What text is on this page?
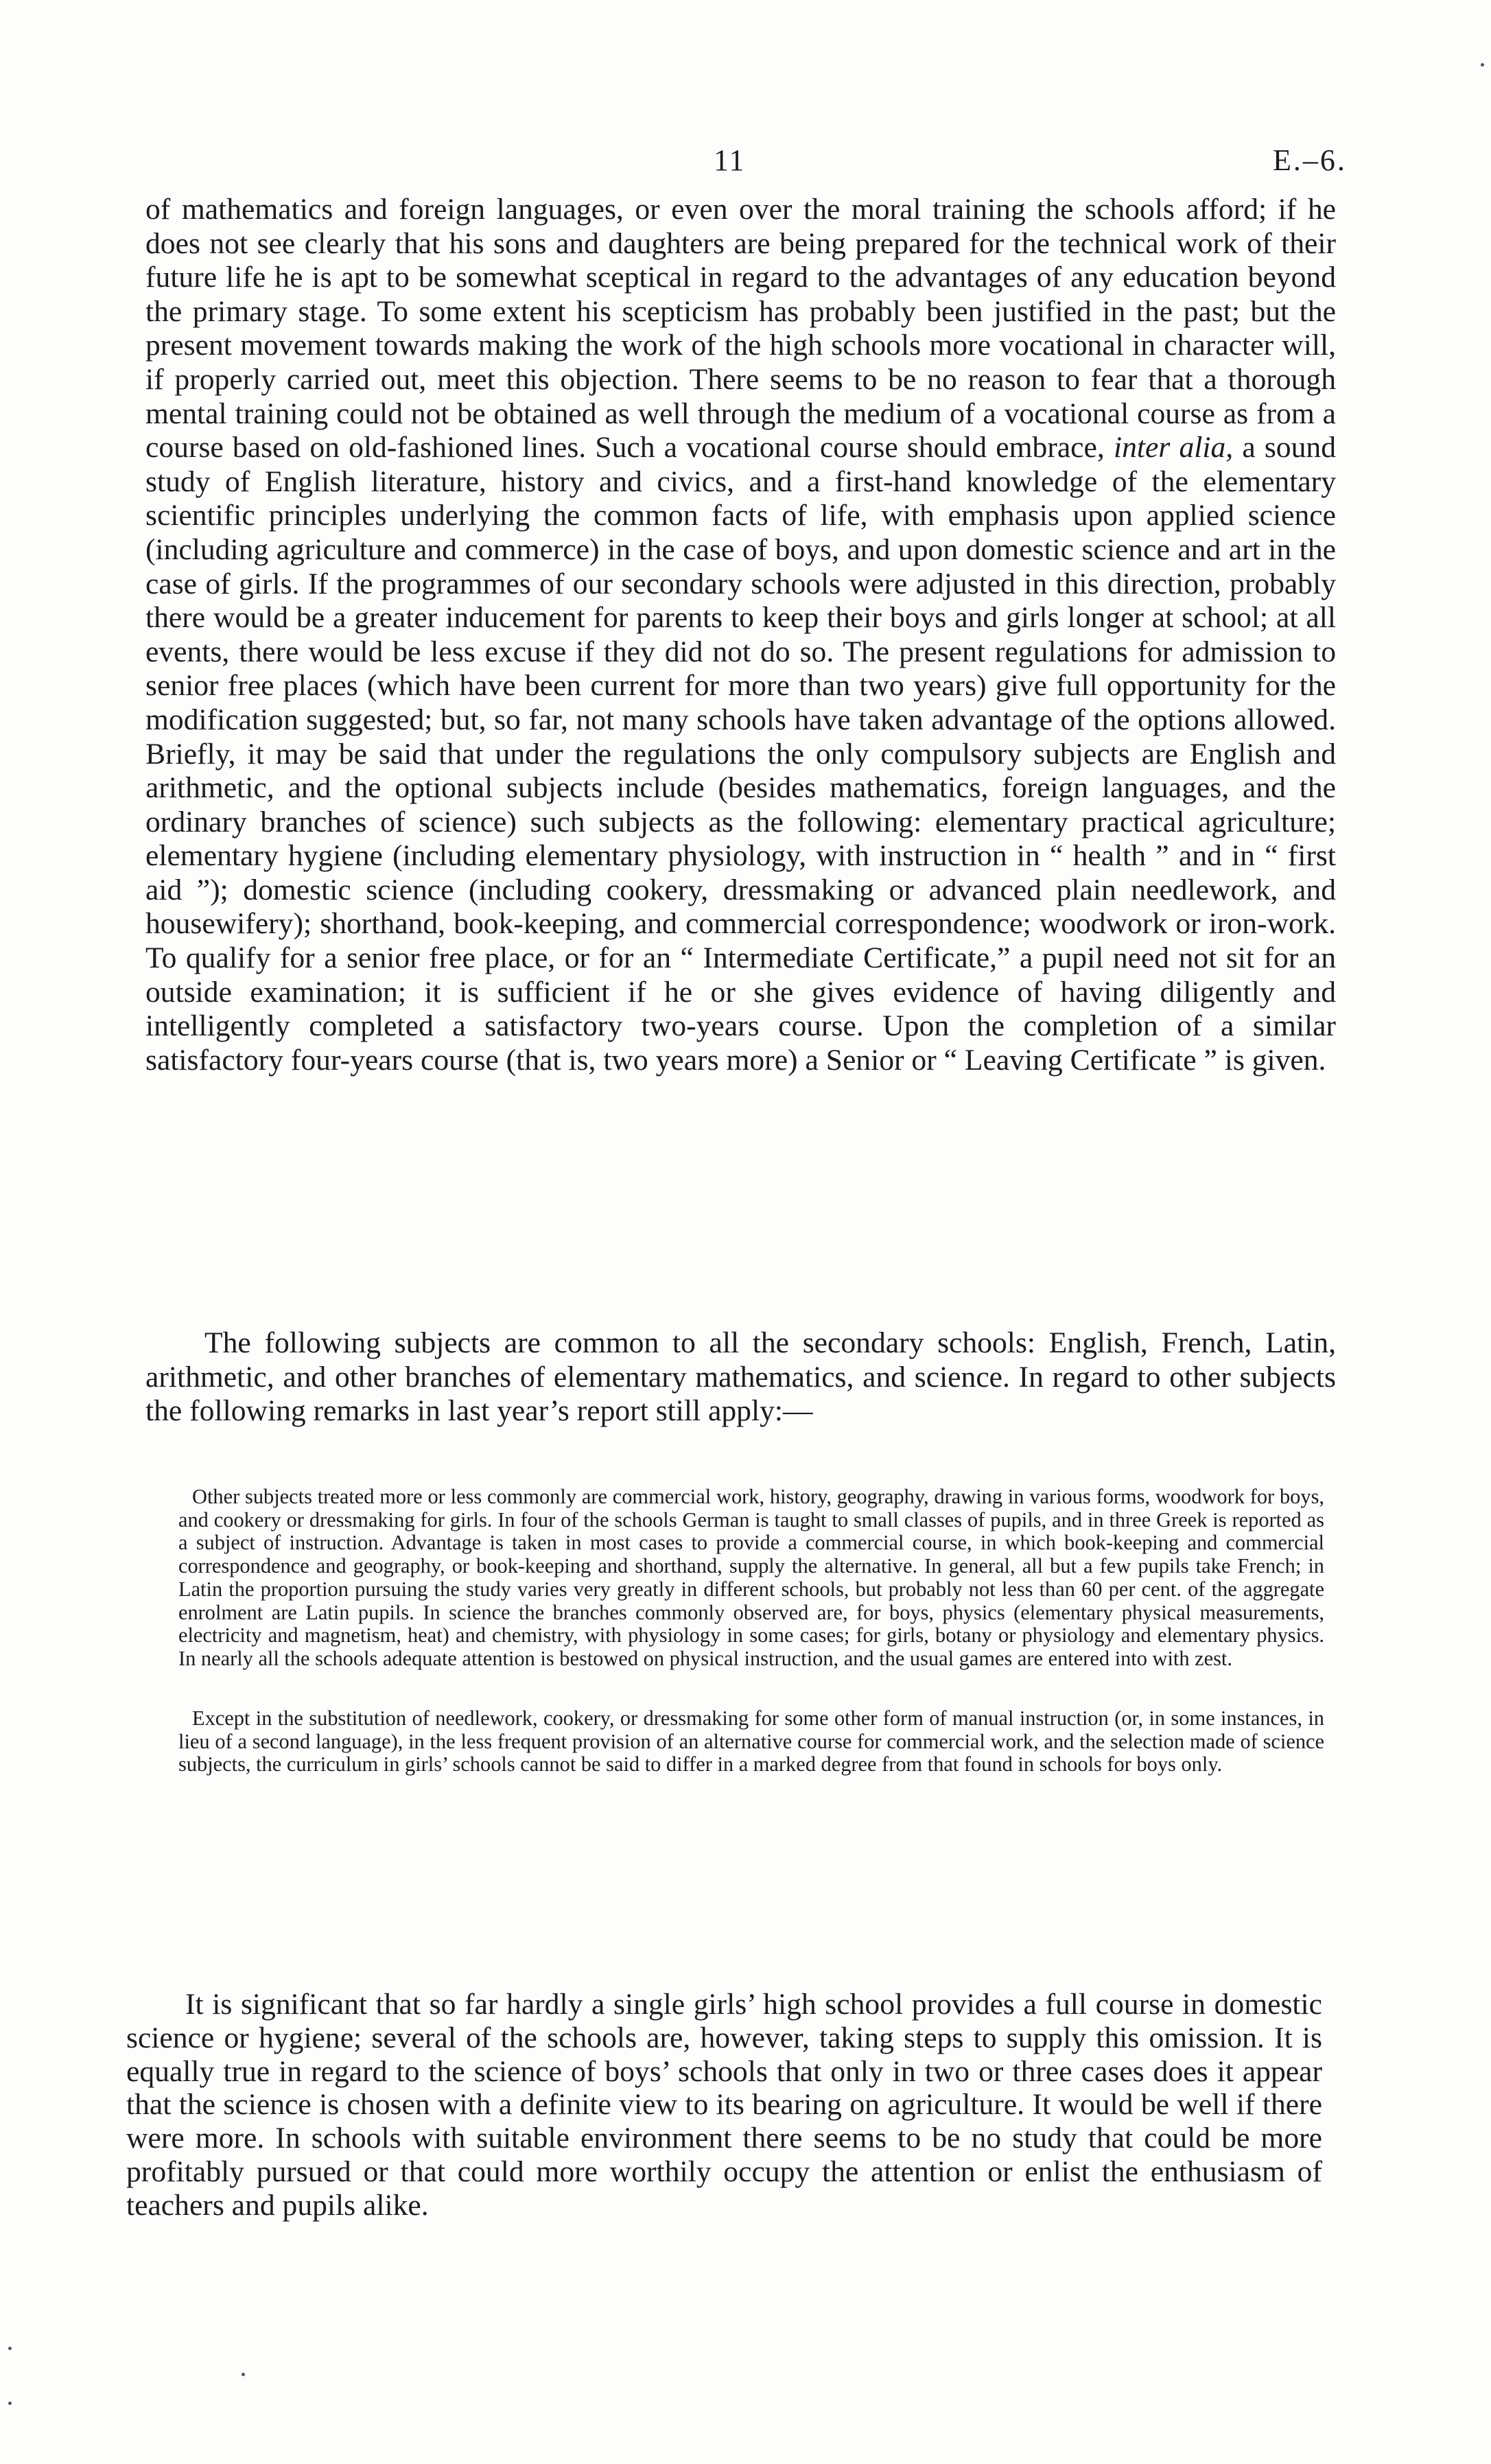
11	E.–6.

of mathematics and foreign languages, or even over the moral training the schools afford; if he does not see clearly that his sons and daughters are being prepared for the technical work of their future life he is apt to be somewhat sceptical in regard to the advantages of any education beyond the primary stage. To some extent his scepticism has probably been justified in the past; but the present movement towards making the work of the high schools more vocational in character will, if properly carried out, meet this objection. There seems to be no reason to fear that a thorough mental training could not be obtained as well through the medium of a vocational course as from a course based on old-fashioned lines. Such a vocational course should embrace, inter alia, a sound study of English literature, history and civics, and a first-hand knowledge of the elementary scientific principles underlying the common facts of life, with emphasis upon applied science (including agriculture and commerce) in the case of boys, and upon domestic science and art in the case of girls. If the programmes of our secondary schools were adjusted in this direction, probably there would be a greater inducement for parents to keep their boys and girls longer at school; at all events, there would be less excuse if they did not do so. The present regulations for admission to senior free places (which have been current for more than two years) give full opportunity for the modification suggested; but, so far, not many schools have taken advantage of the options allowed. Briefly, it may be said that under the regulations the only compulsory subjects are English and arithmetic, and the optional subjects include (besides mathematics, foreign languages, and the ordinary branches of science) such subjects as the following: elementary practical agriculture; elementary hygiene (including elementary physiology, with instruction in “ health ” and in “ first aid ”); domestic science (including cookery, dressmaking or advanced plain needlework, and housewifery); shorthand, book-keeping, and commercial correspondence; woodwork or iron-work. To qualify for a senior free place, or for an “ Intermediate Certificate,” a pupil need not sit for an outside examination; it is sufficient if he or she gives evidence of having diligently and intelligently completed a satisfactory two-years course. Upon the completion of a similar satisfactory four-years course (that is, two years more) a Senior or “ Leaving Certificate ” is given.

The following subjects are common to all the secondary schools: English, French, Latin, arithmetic, and other branches of elementary mathematics, and science. In regard to other subjects the following remarks in last year’s report still apply:—

Other subjects treated more or less commonly are commercial work, history, geography, drawing in various forms, woodwork for boys, and cookery or dressmaking for girls. In four of the schools German is taught to small classes of pupils, and in three Greek is reported as a subject of instruction. Advantage is taken in most cases to provide a commercial course, in which book-keeping and commercial correspondence and geography, or book-keeping and shorthand, supply the alternative. In general, all but a few pupils take French; in Latin the proportion pursuing the study varies very greatly in different schools, but probably not less than 60 per cent. of the aggregate enrolment are Latin pupils. In science the branches commonly observed are, for boys, physics (elementary physical measurements, electricity and magnetism, heat) and chemistry, with physiology in some cases; for girls, botany or physiology and elementary physics. In nearly all the schools adequate attention is bestowed on physical instruction, and the usual games are entered into with zest.

Except in the substitution of needlework, cookery, or dressmaking for some other form of manual instruction (or, in some instances, in lieu of a second language), in the less frequent provision of an alternative course for commercial work, and the selection made of science subjects, the curriculum in girls’ schools cannot be said to differ in a marked degree from that found in schools for boys only.

It is significant that so far hardly a single girls’ high school provides a full course in domestic science or hygiene; several of the schools are, however, taking steps to supply this omission. It is equally true in regard to the science of boys’ schools that only in two or three cases does it appear that the science is chosen with a definite view to its bearing on agriculture. It would be well if there were more. In schools with suitable environment there seems to be no study that could be more profitably pursued or that could more worthily occupy the attention or enlist the enthusiasm of teachers and pupils alike.
